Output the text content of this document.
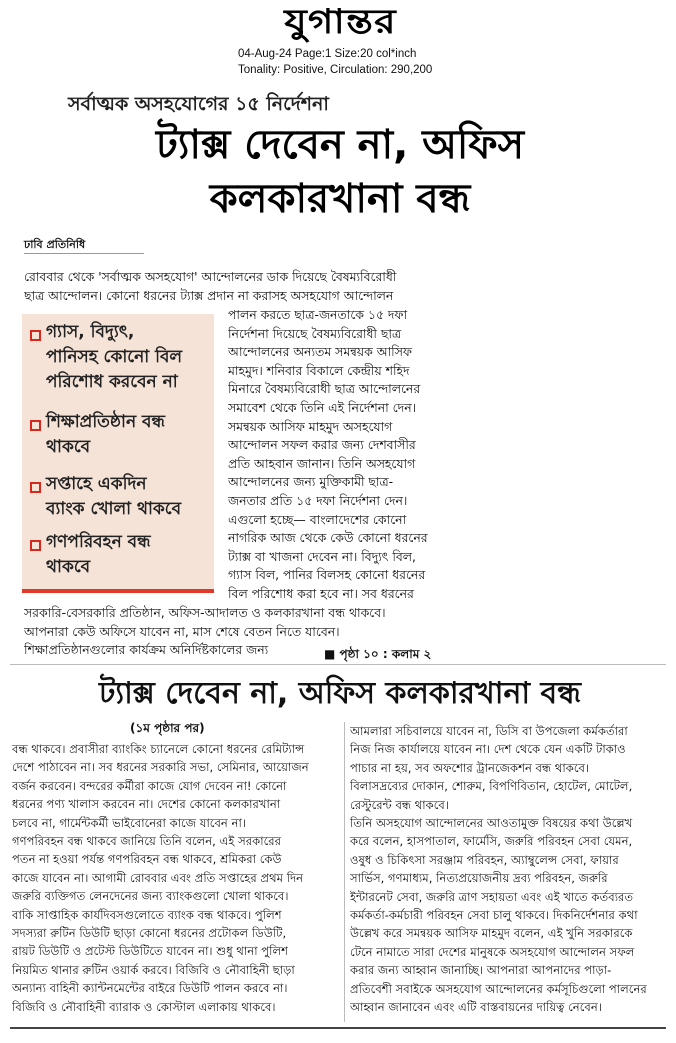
যুগান্তর
04-Aug-24 Page:1 Size:20 col*inch
Tonality: Positive, Circulation: 290,200
সর্বাত্মক অসহযোগের ১৫ নির্দেশনা
ট্যাক্স দেবেন না, অফিস
কলকারখানা বন্ধ
ঢাবি প্রতিনিধি
রোববার থেকে 'সর্বাত্মক অসহযোগ' আন্দোলনের ডাক দিয়েছে বৈষম্যবিরোধী
ছাত্র আন্দোলন। কোনো ধরনের ট্যাক্স প্রদান না করাসহ অসহযোগ আন্দোলন
গ্যাস, বিদ্যুৎ,
পানিসহ কোনো বিল
পরিশোধ করবেন না
শিক্ষাপ্রতিষ্ঠান বন্ধ
থাকবে
সপ্তাহে একদিন
ব্যাংক খোলা থাকবে
গণপরিবহন বন্ধ
থাকবে
পালন করতে ছাত্র-জনতাকে ১৫ দফা
নির্দেশনা দিয়েছে বৈষম্যবিরোধী ছাত্র
আন্দোলনের অন্যতম সমন্বয়ক আসিফ
মাহমুদ। শনিবার বিকালে কেন্দ্রীয় শহিদ
মিনারে বৈষম্যবিরোধী ছাত্র আন্দোলনের
সমাবেশ থেকে তিনি এই নির্দেশনা দেন।
সমন্বয়ক আসিফ মাহমুদ অসহযোগ
আন্দোলন সফল করার জন্য দেশবাসীর
প্রতি আহবান জানান। তিনি অসহযোগ
আন্দোলনের জন্য মুক্তিকামী ছাত্র-
জনতার প্রতি ১৫ দফা নির্দেশনা দেন।
এগুলো হচ্ছে— বাংলাদেশের কোনো
নাগরিক আজ থেকে কেউ কোনো ধরনের
ট্যাক্স বা খাজনা দেবেন না। বিদ্যুৎ বিল,
গ্যাস বিল, পানির বিলসহ কোনো ধরনের
বিল পরিশোধ করা হবে না। সব ধরনের
সরকারি-বেসরকারি প্রতিষ্ঠান, অফিস-আদালত ও কলকারখানা বন্ধ থাকবে।
আপনারা কেউ অফিসে যাবেন না, মাস শেষে বেতন নিতে যাবেন।
শিক্ষাপ্রতিষ্ঠানগুলোর কার্যক্রম অনির্দিষ্টকালের জন্য	■ পৃষ্ঠা ১০ : কলাম ২
ট্যাক্স দেবেন না, অফিস কলকারখানা বন্ধ
(১ম পৃষ্ঠার পর)
বন্ধ থাকবে। প্রবাসীরা ব্যাংকিং চ্যানেলে কোনো ধরনের রেমিট্যান্স
দেশে পাঠাবেন না। সব ধরনের সরকারি সভা, সেমিনার, আয়োজন
বর্জন করবেন। বন্দরের কর্মীরা কাজে যোগ দেবেন না! কোনো
ধরনের পণ্য খালাস করবেন না। দেশের কোনো কলকারখানা
চলবে না, গার্মেন্টকর্মী ভাইবোনেরা কাজে যাবেন না।
গণপরিবহন বন্ধ থাকবে জানিয়ে তিনি বলেন, এই সরকারের
পতন না হওয়া পর্যন্ত গণপরিবহন বন্ধ থাকবে, শ্রমিকরা কেউ
কাজে যাবেন না। আগামী রোববার এবং প্রতি সপ্তাহের প্রথম দিন
জরুরি ব্যক্তিগত লেনদেনের জন্য ব্যাংকগুলো খোলা থাকবে।
বাকি সাপ্তাহিক কার্যদিবসগুলোতে ব্যাংক বন্ধ থাকবে। পুলিশ
সদস্যরা রুটিন ডিউটি ছাড়া কোনো ধরনের প্রটোকল ডিউটি,
রায়ট ডিউটি ও প্রটেস্ট ডিউটিতে যাবেন না। শুধু থানা পুলিশ
নিয়মিত থানার রুটিন ওয়ার্ক করবে। বিজিবি ও নৌবাহিনী ছাড়া
অন্যান্য বাহিনী ক্যান্টনমেন্টের বাইরে ডিউটি পালন করবে না।
বিজিবি ও নৌবাহিনী ব্যারাক ও কোস্টাল এলাকায় থাকবে।
আমলারা সচিবালয়ে যাবেন না, ডিসি বা উপজেলা কর্মকর্তারা
নিজ নিজ কার্যালয়ে যাবেন না। দেশ থেকে যেন একটি টাকাও
পাচার না হয়, সব অফশোর ট্রানজেকশন বন্ধ থাকবে।
বিলাসদ্রব্যের দোকান, শোরুম, বিপণিবিতান, হোটেল, মোটেল,
রেস্টুরেন্ট বন্ধ থাকবে।
তিনি অসহযোগ আন্দোলনের আওতামুক্ত বিষয়ের কথা উল্লেখ
করে বলেন, হাসপাতাল, ফার্মেসি, জরুরি পরিবহন সেবা যেমন,
ওষুধ ও চিকিৎসা সরঞ্জাম পরিবহন, অ্যাম্বুলেন্স সেবা, ফায়ার
সার্ভিস, গণমাধ্যম, নিত্যপ্রয়োজনীয় দ্রব্য পরিবহন, জরুরি
ইন্টারনেট সেবা, জরুরি ত্রাণ সহায়তা এবং এই খাতে কর্তব্যরত
কর্মকর্তা-কর্মচারী পরিবহন সেবা চালু থাকবে। দিকনির্দেশনার কথা
উল্লেখ করে সমন্বয়ক আসিফ মাহমুদ বলেন, এই খুনি সরকারকে
টেনে নামাতে সারা দেশের মানুষকে অসহযোগ আন্দোলন সফল
করার জন্য আহ্বান জানাচ্ছি। আপনারা আপনাদের পাড়া-
প্রতিবেশী সবাইকে অসহযোগ আন্দোলনের কর্মসূচিগুলো পালনের
আহ্বান জানাবেন এবং এটি বাস্তবায়নের দায়িত্ব নেবেন।
